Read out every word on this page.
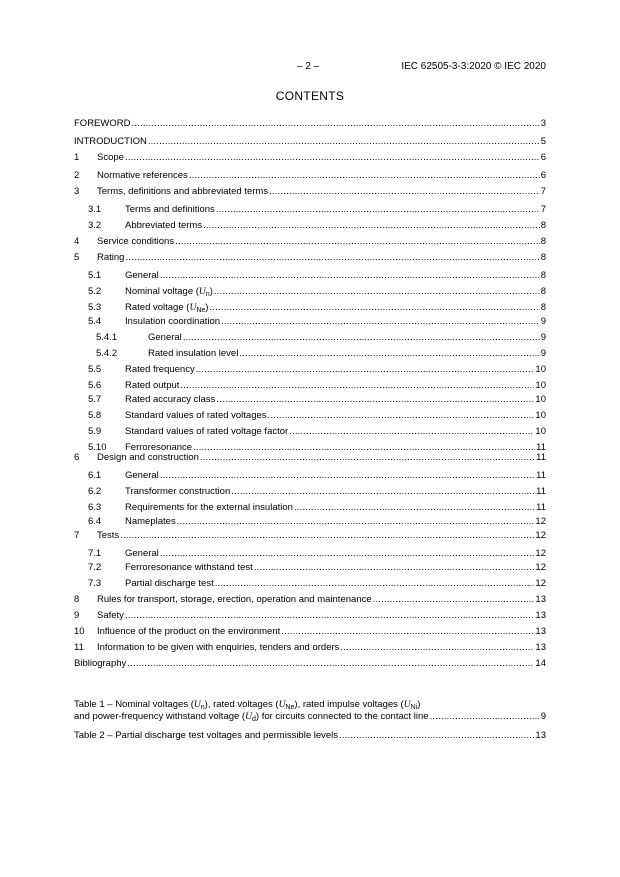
– 2 –	IEC 62505-3-3:2020 © IEC 2020
CONTENTS
FOREWORD .....	3
INTRODUCTION .....	5
1	Scope .....	6
2	Normative references .....	6
3	Terms, definitions and abbreviated terms .....	7
3.1	Terms and definitions .....	7
3.2	Abbreviated terms .....	8
4	Service conditions .....	8
5	Rating .....	8
5.1	General .....	8
5.2	Nominal voltage $(U_n)$ .....	8
5.3	Rated voltage $(U_{Ne})$ .....	8
5.4	Insulation coordination .....	9
5.4.1	General .....	9
5.4.2	Rated insulation level .....	9
5.5	Rated frequency .....	10
5.6	Rated output .....	10
5.7	Rated accuracy class .....	10
5.8	Standard values of rated voltages .....	10
5.9	Standard values of rated voltage factor .....	10
5.10	Ferroresonance .....	11
6	Design and construction .....	11
6.1	General .....	11
6.2	Transformer construction .....	11
6.3	Requirements for the external insulation .....	11
6.4	Nameplates .....	12
7	Tests .....	12
7.1	General .....	12
7.2	Ferroresonance withstand test .....	12
7.3	Partial discharge test .....	12
8	Rules for transport, storage, erection, operation and maintenance .....	13
9	Safety .....	13
10	Influence of the product on the environment .....	13
11	Information to be given with enquiries, tenders and orders .....	13
Bibliography .....	14
Table 1 – Nominal voltages $(U_n)$, rated voltages $(U_{Ne})$, rated impulse voltages $(U_{Ni})$
and power-frequency withstand voltage $(U_d)$ for circuits connected to the contact line .....	9
Table 2 – Partial discharge test voltages and permissible levels .....	13
